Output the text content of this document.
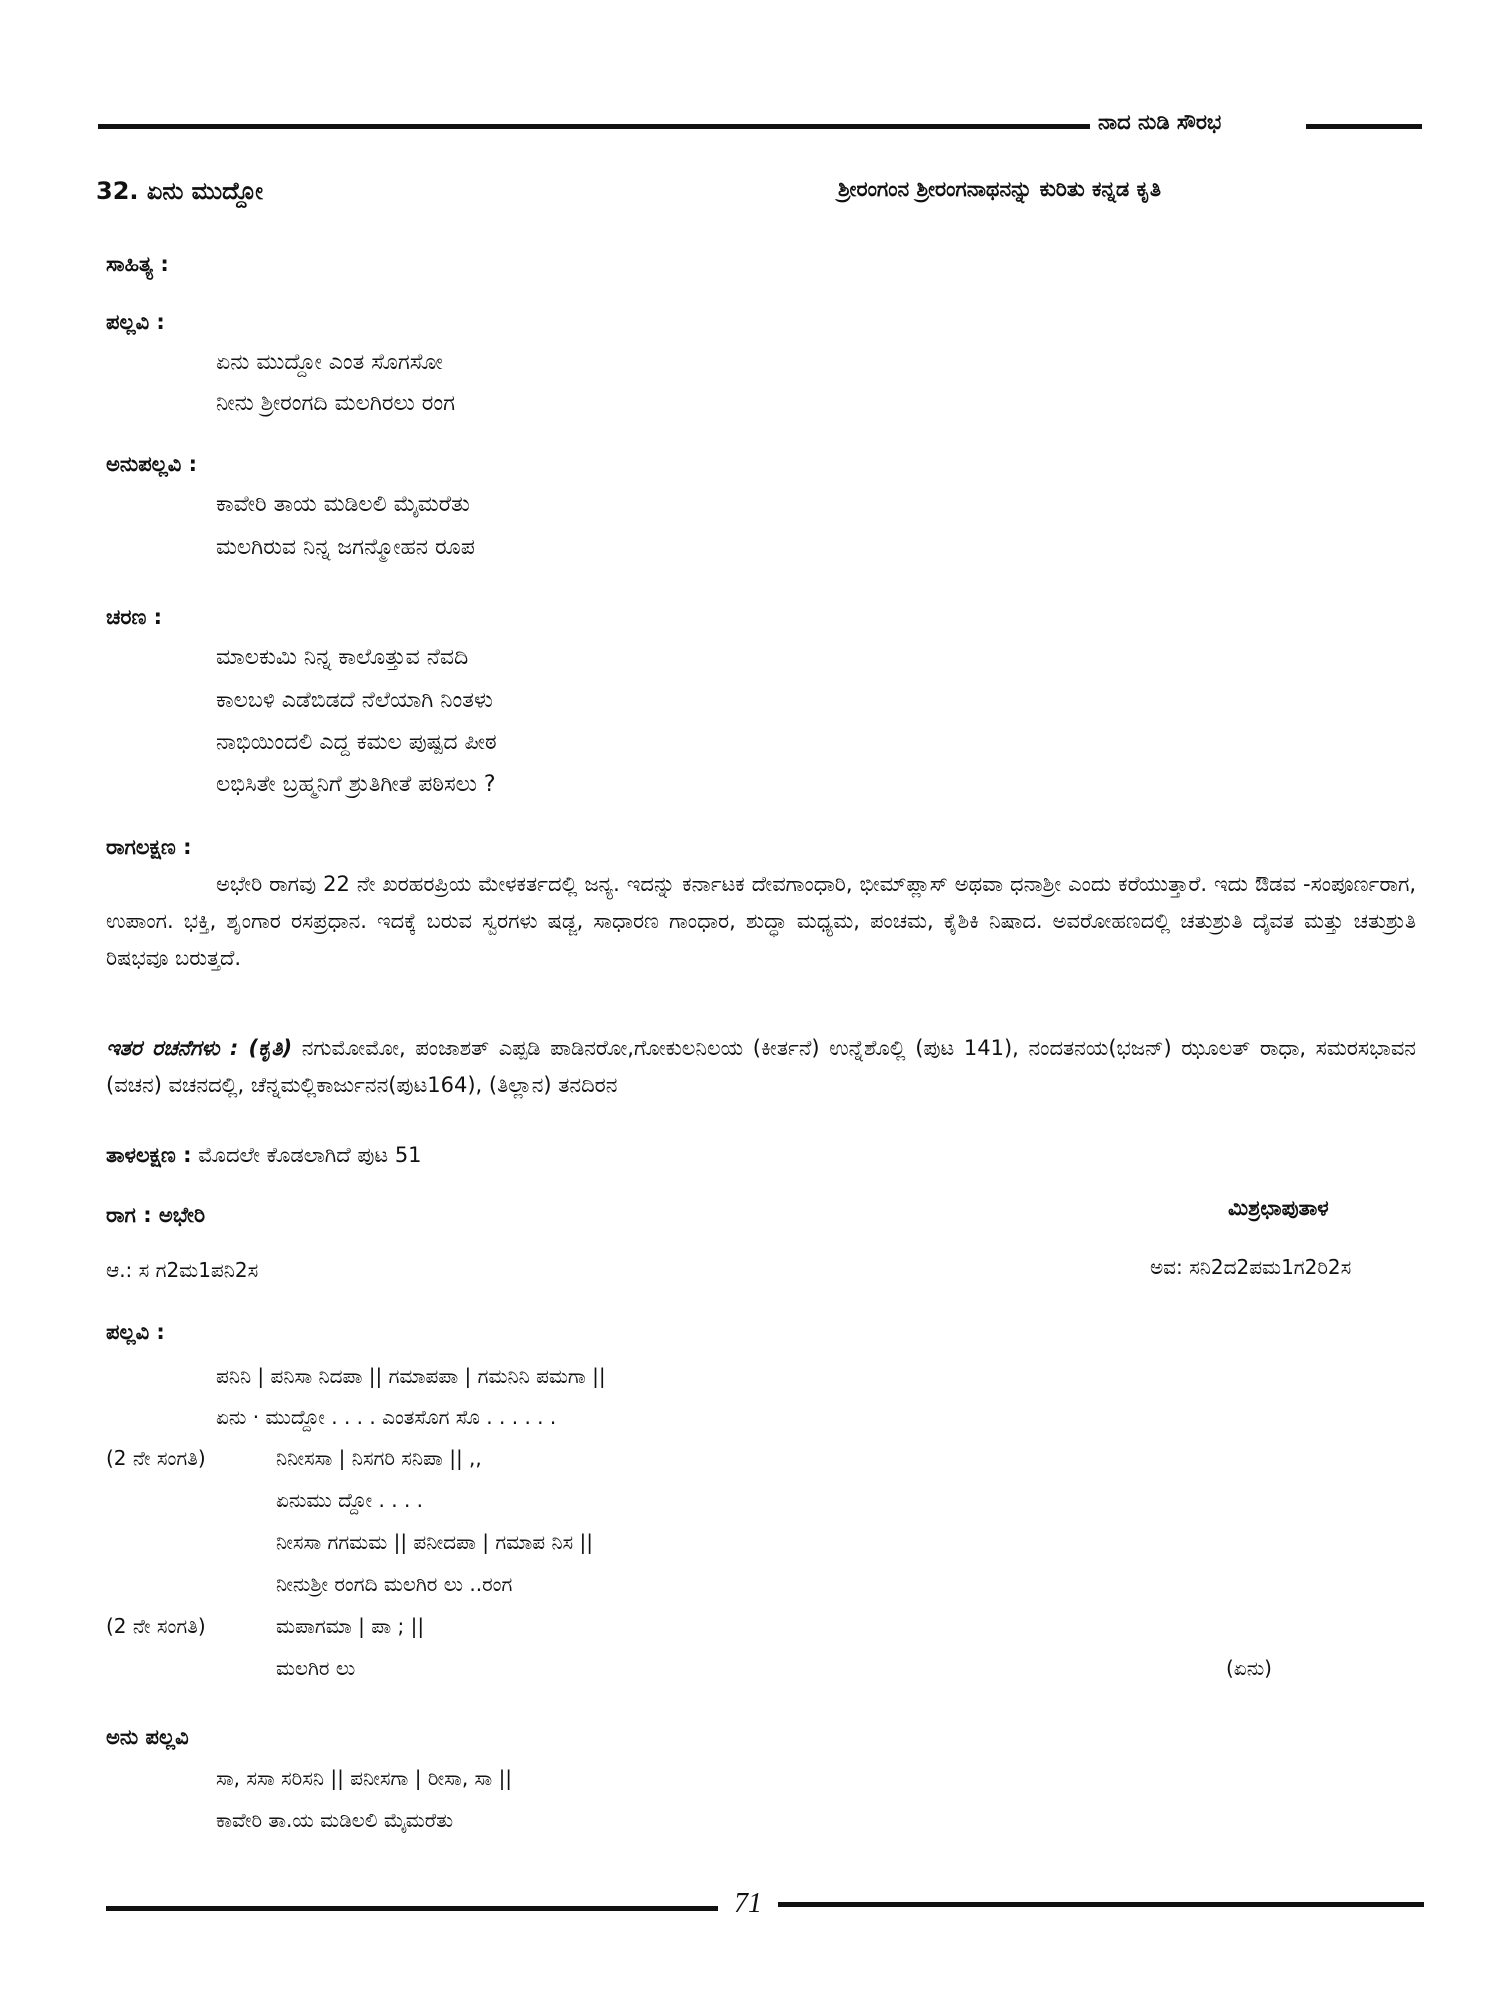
ನಾದ ನುಡಿ ಸೌರಭ
32. ಏನು ಮುದ್ದೋ	ಶ್ರೀರಂಗಂನ ಶ್ರೀರಂಗನಾಥನನ್ನು ಕುರಿತು ಕನ್ನಡ ಕೃತಿ
ಸಾಹಿತ್ಯ :
ಪಲ್ಲವಿ :
ಏನು ಮುದ್ದೋ ಎಂತ ಸೊಗಸೋ
ನೀನು ಶ್ರೀರಂಗದಿ ಮಲಗಿರಲು ರಂಗ
ಅನುಪಲ್ಲವಿ :
ಕಾವೇರಿ ತಾಯ ಮಡಿಲಲಿ ಮೈಮರೆತು
ಮಲಗಿರುವ ನಿನ್ನ ಜಗನ್ಮೋಹನ ರೂಪ
ಚರಣ :
ಮಾಲಕುಮಿ ನಿನ್ನ ಕಾಲೊತ್ತುವ ನೆವದಿ
ಕಾಲಬಳಿ ಎಡೆಬಿಡದೆ ನೆಲೆಯಾಗಿ ನಿಂತಳು
ನಾಭಿಯಿಂದಲಿ ಎದ್ದ ಕಮಲ ಪುಷ್ಪದ ಪೀಠ
ಲಭಿಸಿತೇ ಬ್ರಹ್ಮನಿಗೆ ಶ್ರುತಿಗೀತೆ ಪಠಿಸಲು ?
ರಾಗಲಕ್ಷಣ :
ಅಭೇರಿ ರಾಗವು 22 ನೇ ಖರಹರಪ್ರಿಯ ಮೇಳಕರ್ತದಲ್ಲಿ ಜನ್ಯ. ಇದನ್ನು ಕರ್ನಾಟಕ ದೇವಗಾಂಧಾರಿ, ಭೀಮ್‌ಪ್ಲಾಸ್ ಅಥವಾ ಧನಾಶ್ರೀ ಎಂದು ಕರೆಯುತ್ತಾರೆ. ಇದು ಔಡವ -ಸಂಪೂರ್ಣರಾಗ, ಉಪಾಂಗ. ಭಕ್ತಿ, ಶೃಂಗಾರ ರಸಪ್ರಧಾನ. ಇದಕ್ಕೆ ಬರುವ ಸ್ವರಗಳು ಷಡ್ಜ, ಸಾಧಾರಣ ಗಾಂಧಾರ, ಶುದ್ಧಾ ಮಧ್ಯಮ, ಪಂಚಮ, ಕೈಶಿಕಿ ನಿಷಾದ. ಅವರೋಹಣದಲ್ಲಿ ಚತುಶ್ರುತಿ ದೈವತ ಮತ್ತು ಚತುಶ್ರುತಿ ರಿಷಭವೂ ಬರುತ್ತದೆ.
ಇತರ ರಚನೆಗಳು : (ಕೃತಿ) ನಗುಮೋಮೋ, ಪಂಜಾಶತ್ ಎಪ್ಪಡಿ ಪಾಡಿನರೋ,ಗೋಕುಲನಿಲಯ (ಕೀರ್ತನೆ) ಉನ್ನೆಶೊಲ್ಲಿ (ಪುಟ 141), ನಂದತನಯ(ಭಜನ್) ಝೂಲತ್ ರಾಧಾ, ಸಮರಸಭಾವನ (ವಚನ) ವಚನದಲ್ಲಿ, ಚೆನ್ನಮಲ್ಲಿಕಾರ್ಜುನನ(ಪುಟ164), (ತಿಲ್ಲಾನ) ತನದಿರನ
ತಾಳಲಕ್ಷಣ : ಮೊದಲೇ ಕೊಡಲಾಗಿದೆ ಪುಟ 51
ರಾಗ : ಅಭೇರಿ	ಮಿಶ್ರಛಾಪುತಾಳ
ಆ.: ಸ ಗ2ಮ1ಪನಿ2ಸ	ಅವ: ಸನಿ2ದ2ಪಮ1ಗ2ರಿ2ಸ
ಪಲ್ಲವಿ :
ಪನಿನಿ | ಪನಿಸಾ ನಿದಪಾ || ಗಮಾಪಪಾ | ಗಮನಿನಿ ಪಮಗಾ ||
ಏನು · ಮುದ್ದೋ . . . . ಎಂತಸೊಗ ಸೊ . . . . . .
(2 ನೇ ಸಂಗತಿ)	ನಿನೀಸಸಾ | ನಿಸಗರಿ ಸನಿಪಾ || ,,
ಏನುಮು ದ್ದೋ . . . .
ನೀಸಸಾ ಗಗಮಮ || ಪನೀದಪಾ | ಗಮಾಪ ನಿಸ ||
ನೀನುಶ್ರೀ ರಂಗದಿ ಮಲಗಿರ ಲು ..ರಂಗ
(2 ನೇ ಸಂಗತಿ)	ಮಪಾಗಮಾ | ಪಾ ; ||
ಮಲಗಿರ ಲು	(ಏನು)
ಅನು ಪಲ್ಲವಿ
ಸಾ, ಸಸಾ ಸರಿಸನಿ || ಪನೀಸಗಾ | ರೀಸಾ, ಸಾ ||
ಕಾವೇರಿ ತಾ.ಯ ಮಡಿಲಲಿ ಮೈಮರೆತು
71
